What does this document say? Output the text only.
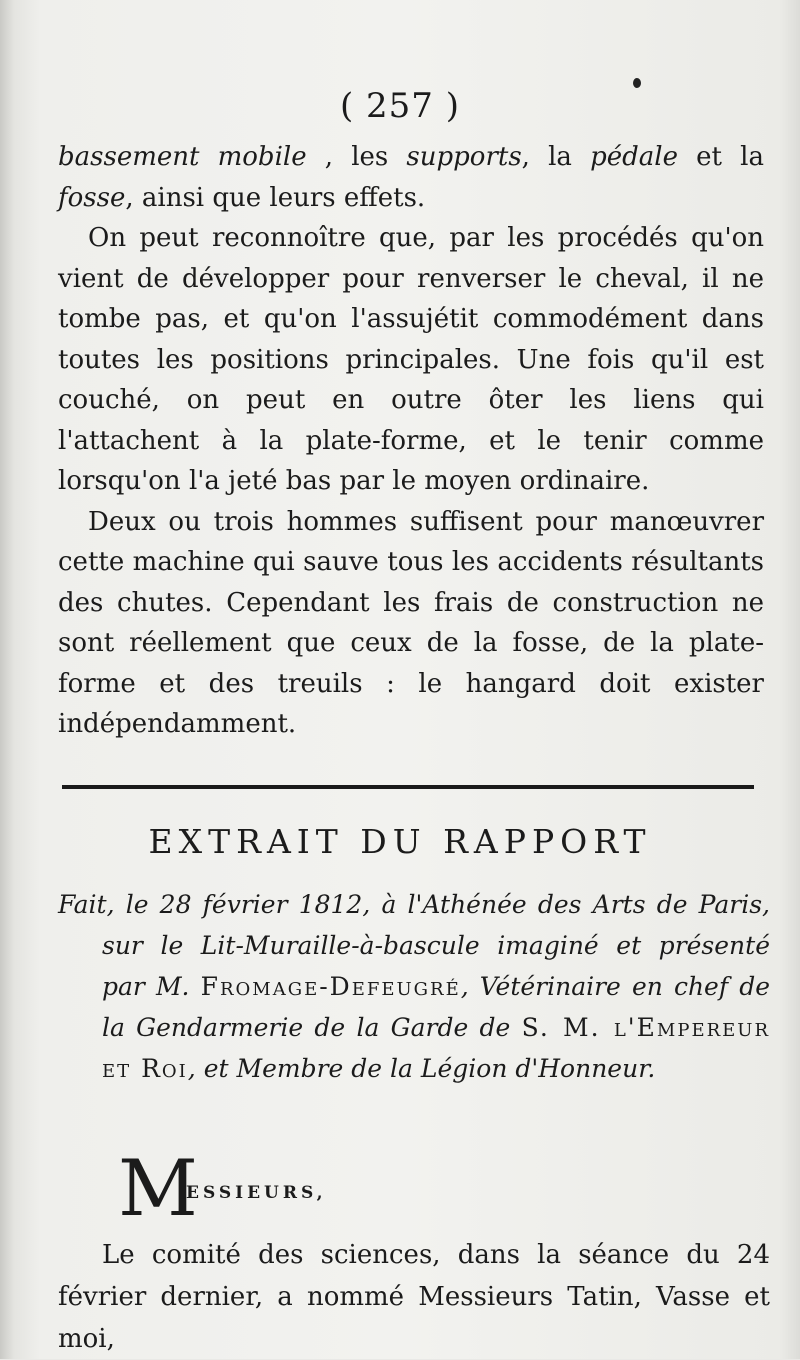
( 257 )

bassement mobile , les supports, la pédale et la fosse, ainsi que leurs effets.

On peut reconnoître que, par les procédés qu'on vient de développer pour renverser le cheval, il ne tombe pas, et qu'on l'assujétit commodément dans toutes les positions principales. Une fois qu'il est couché, on peut en outre ôter les liens qui l'attachent à la plate-forme, et le tenir comme lorsqu'on l'a jeté bas par le moyen ordinaire.

Deux ou trois hommes suffisent pour manœuvrer cette machine qui sauve tous les accidents résultants des chutes. Cependant les frais de construction ne sont réellement que ceux de la fosse, de la plate-forme et des treuils : le hangard doit exister indépendamment.

EXTRAIT DU RAPPORT
Fait, le 28 février 1812, à l'Athénée des Arts de Paris, sur le Lit-Muraille-à-bascule imaginé et présenté par M. Fromage-Defeugré, Vétérinaire en chef de la Gendarmerie de la Garde de S. M. l'Empereur et Roi, et Membre de la Légion d'Honneur.
M
ESSIEURS,

Le comité des sciences, dans la séance du 24 février dernier, a nommé Messieurs Tatin, Vasse et moi,
